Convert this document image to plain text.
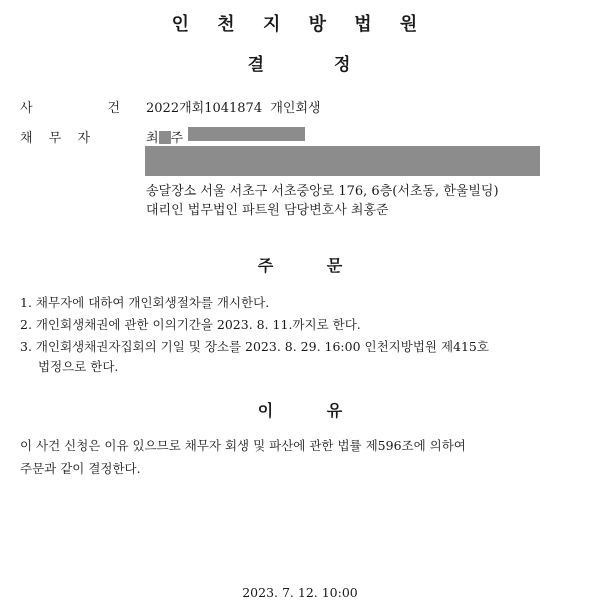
인 천 지 방 법 원
결 정
사	건 2022개회1041874 개인회생
채 무 자	최 주
송달장소 서울 서초구 서초중앙로 176, 6층(서초동, 한울빌딩)
대리인 법무법인 파트원 담당변호사 최홍준
주 문
1. 채무자에 대하여 개인회생절차를 개시한다.
2. 개인회생채권에 관한 이의기간을 2023. 8. 11.까지로 한다.
3. 개인회생채권자집회의 기일 및 장소를 2023. 8. 29. 16:00 인천지방법원 제415호
법정으로 한다.
이 유
이 사건 신청은 이유 있으므로 채무자 회생 및 파산에 관한 법률 제596조에 의하여
주문과 같이 결정한다.
2023. 7. 12. 10:00
